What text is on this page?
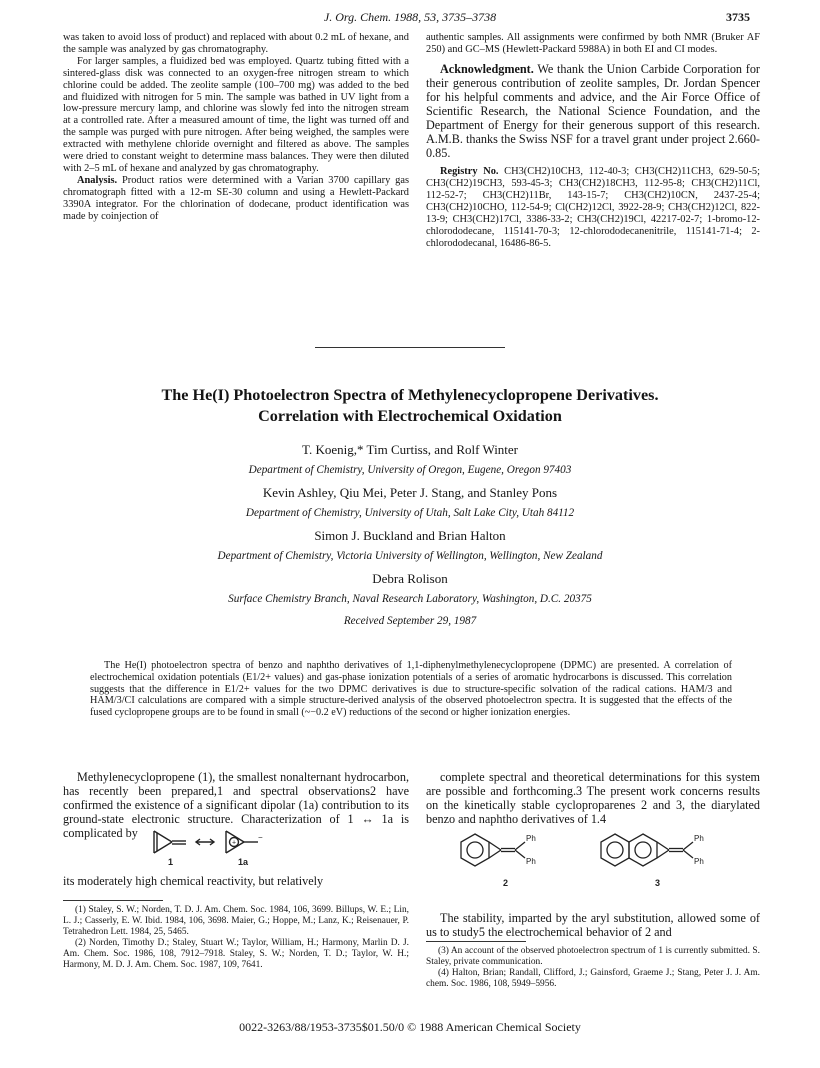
J. Org. Chem. 1988, 53, 3735–3738	3735

was taken to avoid loss of product) and replaced with about 0.2 mL of hexane, and the sample was analyzed by gas chromatography.

For larger samples, a fluidized bed was employed. Quartz tubing fitted with a sintered-glass disk was connected to an oxygen-free nitrogen stream to which chlorine could be added. The zeolite sample (100–700 mg) was added to the bed and fluidized with nitrogen for 5 min. The sample was bathed in UV light from a low-pressure mercury lamp, and chlorine was slowly fed into the nitrogen stream at a controlled rate. After a measured amount of time, the light was turned off and the sample was purged with pure nitrogen. After being weighed, the samples were extracted with methylene chloride overnight and filtered as above. The samples were dried to constant weight to determine mass balances. They were then diluted with 2–5 mL of hexane and analyzed by gas chromatography.

Analysis. Product ratios were determined with a Varian 3700 capillary gas chromatograph fitted with a 12-m SE-30 column and using a Hewlett-Packard 3390A integrator. For the chlorination of dodecane, product identification was made by coinjection of

authentic samples. All assignments were confirmed by both NMR (Bruker AF 250) and GC–MS (Hewlett-Packard 5988A) in both EI and CI modes.

Acknowledgment. We thank the Union Carbide Corporation for their generous contribution of zeolite samples, Dr. Jordan Spencer for his helpful comments and advice, and the Air Force Office of Scientific Research, the National Science Foundation, and the Department of Energy for their generous support of this research. A.M.B. thanks the Swiss NSF for a travel grant under project 2.660-0.85.

Registry No. CH3(CH2)10CH3, 112-40-3; CH3(CH2)11CH3, 629-50-5; CH3(CH2)19CH3, 593-45-3; CH3(CH2)18CH3, 112-95-8; CH3(CH2)11Cl, 112-52-7; CH3(CH2)11Br, 143-15-7; CH3(CH2)10CN, 2437-25-4; CH3(CH2)10CHO, 112-54-9; Cl(CH2)12Cl, 3922-28-9; CH3(CH2)12Cl, 822-13-9; CH3(CH2)17Cl, 3386-33-2; CH3(CH2)19Cl, 42217-02-7; 1-bromo-12-chlorododecane, 115141-70-3; 12-chlorododecanenitrile, 115141-71-4; 2-chlorododecanal, 16486-86-5.

The He(I) Photoelectron Spectra of Methylenecyclopropene Derivatives.
Correlation with Electrochemical Oxidation
T. Koenig,* Tim Curtiss, and Rolf Winter
Department of Chemistry, University of Oregon, Eugene, Oregon 97403
Kevin Ashley, Qiu Mei, Peter J. Stang, and Stanley Pons
Department of Chemistry, University of Utah, Salt Lake City, Utah 84112
Simon J. Buckland and Brian Halton
Department of Chemistry, Victoria University of Wellington, Wellington, New Zealand
Debra Rolison
Surface Chemistry Branch, Naval Research Laboratory, Washington, D.C. 20375
Received September 29, 1987
The He(I) photoelectron spectra of benzo and naphtho derivatives of 1,1-diphenylmethylenecyclopropene (DPMC) are presented. A correlation of electrochemical oxidation potentials (E1/2+ values) and gas-phase ionization potentials of a series of aromatic hydrocarbons is discussed. This correlation suggests that the difference in E1/2+ values for the two DPMC derivatives is due to structure-specific solvation of the radical cations. HAM/3 and HAM/3/CI calculations are compared with a simple structure-derived analysis of the observed photoelectron spectra. It is suggested that the effects of the fused cyclopropene groups are to be found in small (~−0.2 eV) reductions of the second or higher ionization energies.
Methylenecyclopropene (1), the smallest nonalternant hydrocarbon, has recently been prepared,1 and spectral observations2 have confirmed the existence of a significant dipolar (1a) contribution to its ground-state electronic structure. Characterization of 1 ↔ 1a is complicated by
+
−
1	1a
its moderately high chemical reactivity, but relatively

(1) Staley, S. W.; Norden, T. D. J. Am. Chem. Soc. 1984, 106, 3699. Billups, W. E.; Lin, L. J.; Casserly, E. W. Ibid. 1984, 106, 3698. Maier, G.; Hoppe, M.; Lanz, K.; Reisenauer, P. Tetrahedron Lett. 1984, 25, 5465.

(2) Norden, Timothy D.; Staley, Stuart W.; Taylor, William, H.; Harmony, Marlin D. J. Am. Chem. Soc. 1986, 108, 7912–7918. Staley, S. W.; Norden, T. D.; Taylor, W. H.; Harmony, M. D. J. Am. Chem. Soc. 1987, 109, 7641.

complete spectral and theoretical determinations for this system are possible and forthcoming.3 The present work concerns results on the kinetically stable cycloproparenes 2 and 3, the diarylated benzo and naphtho derivatives of 1.4
Ph
Ph
Ph
Ph
2	3
The stability, imparted by the aryl substitution, allowed some of us to study5 the electrochemical behavior of 2 and

(3) An account of the observed photoelectron spectrum of 1 is currently submitted. S. Staley, private communication.

(4) Halton, Brian; Randall, Clifford, J.; Gainsford, Graeme J.; Stang, Peter J. J. Am. chem. Soc. 1986, 108, 5949–5956.

0022-3263/88/1953-3735$01.50/0 © 1988 American Chemical Society
